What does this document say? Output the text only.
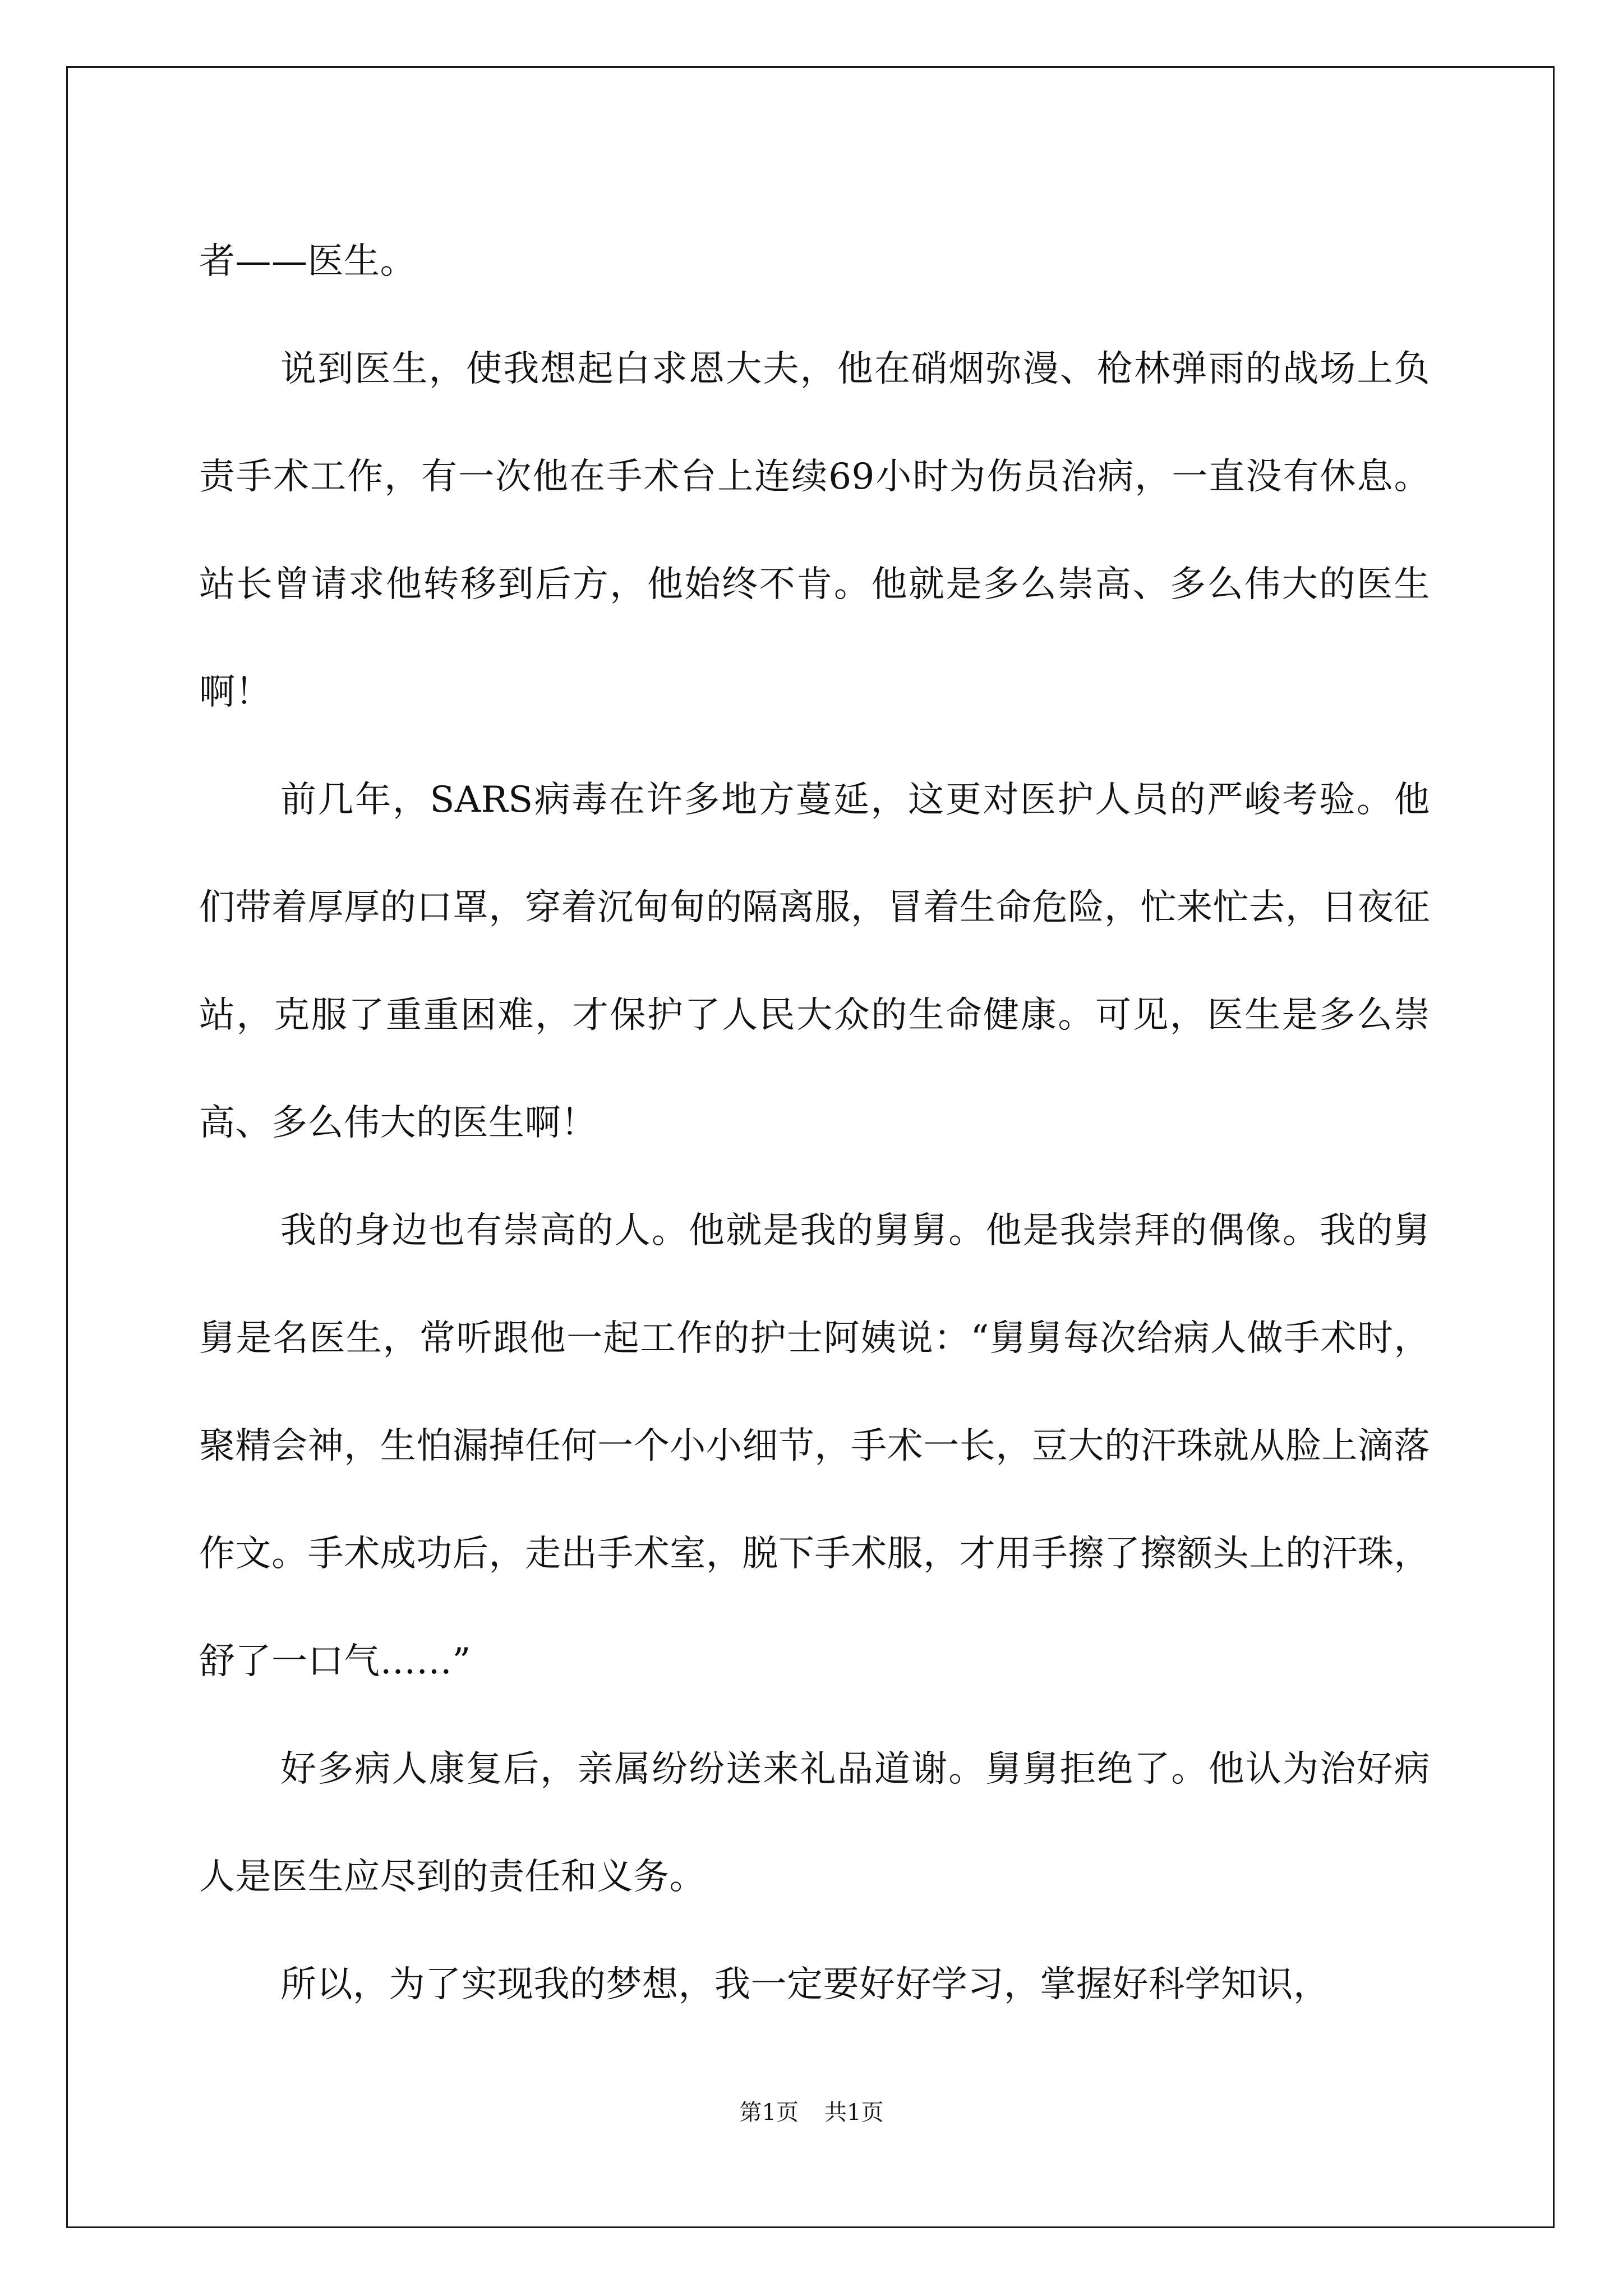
者——医生。

说到医生，使我想起白求恩大夫，他在硝烟弥漫、枪林弹雨的战场上负责手术工作，有一次他在手术台上连续69小时为伤员治病，一直没有休息。站长曾请求他转移到后方，他始终不肯。他就是多么崇高、多么伟大的医生啊！

前几年，SARS病毒在许多地方蔓延，这更对医护人员的严峻考验。他们带着厚厚的口罩，穿着沉甸甸的隔离服，冒着生命危险，忙来忙去，日夜征站，克服了重重困难，才保护了人民大众的生命健康。可见，医生是多么崇高、多么伟大的医生啊！

我的身边也有崇高的人。他就是我的舅舅。他是我崇拜的偶像。我的舅舅是名医生，常听跟他一起工作的护士阿姨说：“舅舅每次给病人做手术时，聚精会神，生怕漏掉任何一个小小细节，手术一长，豆大的汗珠就从脸上滴落作文。手术成功后，走出手术室，脱下手术服，才用手擦了擦额头上的汗珠，舒了一口气……”

好多病人康复后，亲属纷纷送来礼品道谢。舅舅拒绝了。他认为治好病人是医生应尽到的责任和义务。

所以，为了实现我的梦想，我一定要好好学习，掌握好科学知识，

第1页 共1页
